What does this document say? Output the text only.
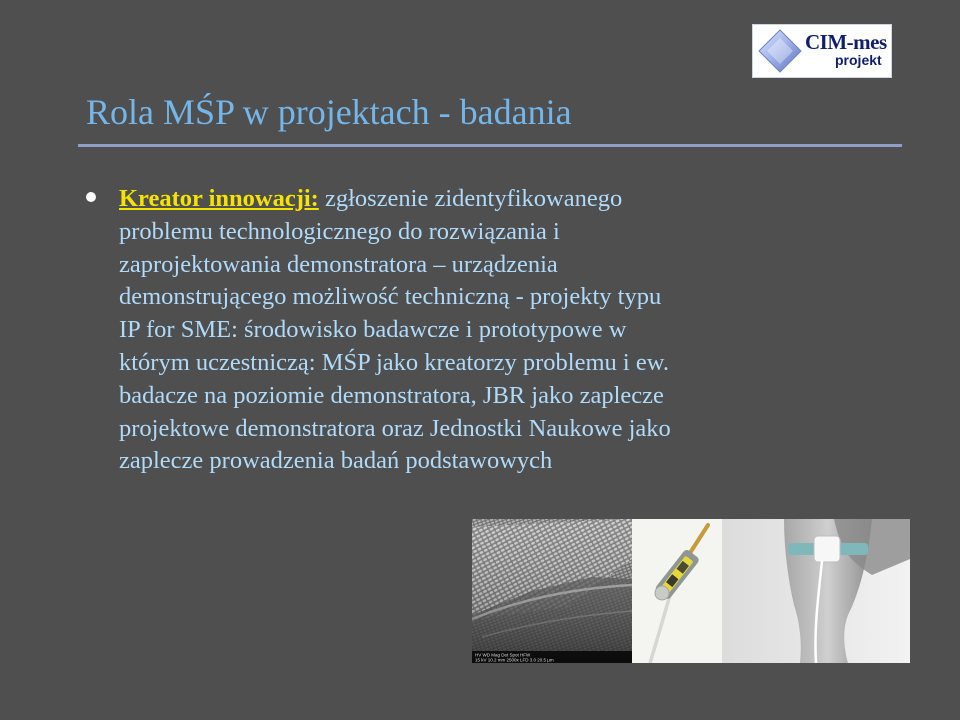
CIM-mes
projekt
Rola MŚP w projektach - badania
Kreator innowacji: zgłoszenie zidentyfikowanego
problemu technologicznego do rozwiązania i
zaprojektowania demonstratora – urządzenia
demonstrującego możliwość techniczną - projekty typu
IP for SME: środowisko badawcze i prototypowe w
którym uczestniczą: MŚP jako kreatorzy problemu i ew.
badacze na poziomie demonstratora, JBR jako zaplecze
projektowe demonstratora oraz Jednostki Naukowe jako
zaplecze prowadzenia badań podstawowych
HV WD Mag Det Spot HFW
15 kV 10.2 mm 2500x LFD 3.0 20.5 µm
